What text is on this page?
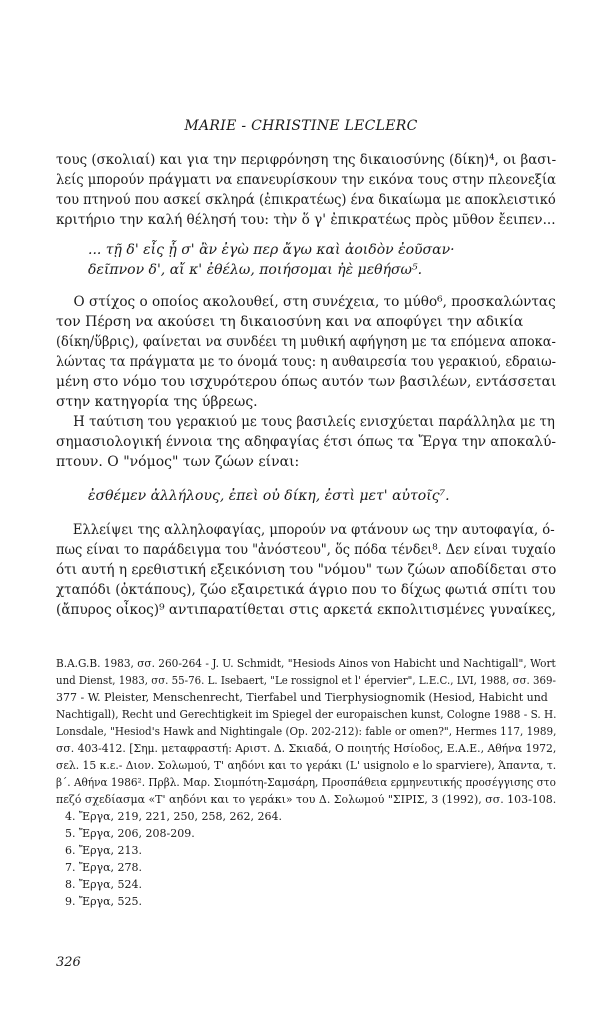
MARIE - CHRISTINE LECLERC
τους (σκολιαί) και για την περιφρόνηση της δικαιοσύνης (δίκη)⁴, οι βασι-
λείς μπορούν πράγματι να επανευρίσκουν την εικόνα τους στην πλεονεξία
του πτηνού που ασκεί σκληρά (ἐπικρατέως) ένα δικαίωμα με αποκλειστικό
κριτήριο την καλή θέλησή του: τὴν ὅ γ' ἐπικρατέως πρὸς μῦθον ἔειπεν...
... τῇ δ' εἶς ᾗ σ' ἂν ἐγὼ περ ἄγω καὶ ἀοιδὸν ἐοῦσαν·
δεῖπνον δ', αἴ κ' ἐθέλω, ποιήσομαι ἠὲ μεθήσω⁵.
Ο στίχος ο οποίος ακολουθεί, στη συνέχεια, το μύθο⁶, προσκαλώντας
τον Πέρση να ακούσει τη δικαιοσύνη και να αποφύγει την αδικία
(δίκη/ὕβρις), φαίνεται να συνδέει τη μυθική αφήγηση με τα επόμενα αποκα-
λώντας τα πράγματα με το όνομά τους: η αυθαιρεσία του γερακιού, εδραιω-
μένη στο νόμο του ισχυρότερου όπως αυτόν των βασιλέων, εντάσσεται
στην κατηγορία της ύβρεως.
Η ταύτιση του γερακιού με τους βασιλείς ενισχύεται παράλληλα με τη
σημασιολογική έννοια της αδηφαγίας έτσι όπως τα Ἔργα την αποκαλύ-
πτουν. Ο "νόμος" των ζώων είναι:
ἐσθέμεν ἀλλήλους, ἐπεὶ οὐ δίκη, ἐστὶ μετ' αὐτοῖς⁷.
Ελλείψει της αλληλοφαγίας, μπορούν να φτάνουν ως την αυτοφαγία, ό-
πως είναι το παράδειγμα του "ἀνόστεου", ὅς πόδα τένδει⁸. Δεν είναι τυχαίο
ότι αυτή η ερεθιστική εξεικόνιση του "νόμου" των ζώων αποδίδεται στο
χταπόδι (ὀκτάπους), ζώο εξαιρετικά άγριο που το δίχως φωτιά σπίτι του
(ἄπυρος οἶκος)⁹ αντιπαρατίθεται στις αρκετά εκπολιτισμένες γυναίκες,
B.A.G.B. 1983, σσ. 260-264 - J. U. Schmidt, "Hesiods Ainos von Habicht und Nachtigall", Wort
und Dienst, 1983, σσ. 55-76. L. Isebaert, "Le rossignol et l' épervier", L.E.C., LVI, 1988, σσ. 369-
377 - W. Pleister, Menschenrecht, Tierfabel und Tierphysiognomik (Hesiod, Habicht und
Nachtigall), Recht und Gerechtigkeit im Spiegel der europaischen kunst, Cologne 1988 - S. H.
Lonsdale, "Hesiod's Hawk and Nightingale (Op. 202-212): fable or omen?", Hermes 117, 1989,
σσ. 403-412. [Σημ. μεταφραστή: Αριστ. Δ. Σκιαδά, Ο ποιητής Ησίοδος, Ε.Α.Ε., Αθήνα 1972,
σελ. 15 κ.ε.- Διον. Σολωμού, Τ' αηδόνι και το γεράκι (L' usignolo e lo sparviere), Άπαντα, τ.
β΄. Αθήνα 1986². Πρβλ. Μαρ. Σιομπότη-Σαμσάρη, Προσπάθεια ερμηνευτικής προσέγγισης στο
πεζό σχεδίασμα «Τ' αηδόνι και το γεράκι» του Δ. Σολωμού "ΣΙΡΙΣ, 3 (1992), σσ. 103-108.
4. Ἔργα, 219, 221, 250, 258, 262, 264.
5. Ἔργα, 206, 208-209.
6. Ἔργα, 213.
7. Ἔργα, 278.
8. Ἔργα, 524.
9. Ἔργα, 525.
326
